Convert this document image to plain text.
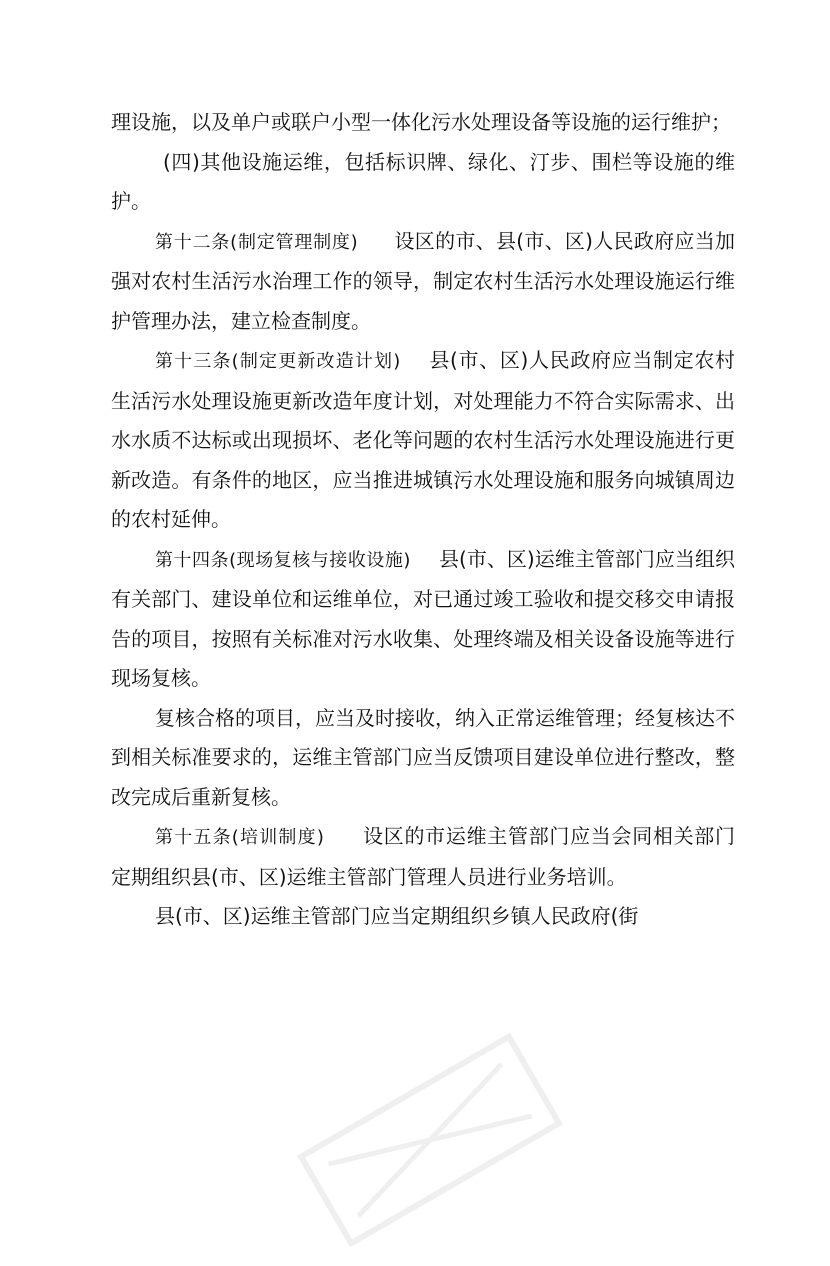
理设施，以及单户或联户小型一体化污水处理设备等设施的运行维护；

(四)其他设施运维，包括标识牌、绿化、汀步、围栏等设施的维护。

第十二条(制定管理制度) 设区的市、县(市、区)人民政府应当加强对农村生活污水治理工作的领导，制定农村生活污水处理设施运行维护管理办法，建立检查制度。

第十三条(制定更新改造计划) 县(市、区)人民政府应当制定农村生活污水处理设施更新改造年度计划，对处理能力不符合实际需求、出水水质不达标或出现损坏、老化等问题的农村生活污水处理设施进行更新改造。有条件的地区，应当推进城镇污水处理设施和服务向城镇周边的农村延伸。

第十四条(现场复核与接收设施) 县(市、区)运维主管部门应当组织有关部门、建设单位和运维单位，对已通过竣工验收和提交移交申请报告的项目，按照有关标准对污水收集、处理终端及相关设备设施等进行现场复核。

复核合格的项目，应当及时接收，纳入正常运维管理；经复核达不到相关标准要求的，运维主管部门应当反馈项目建设单位进行整改，整改完成后重新复核。

第十五条(培训制度) 设区的市运维主管部门应当会同相关部门定期组织县(市、区)运维主管部门管理人员进行业务培训。

县(市、区)运维主管部门应当定期组织乡镇人民政府(街
